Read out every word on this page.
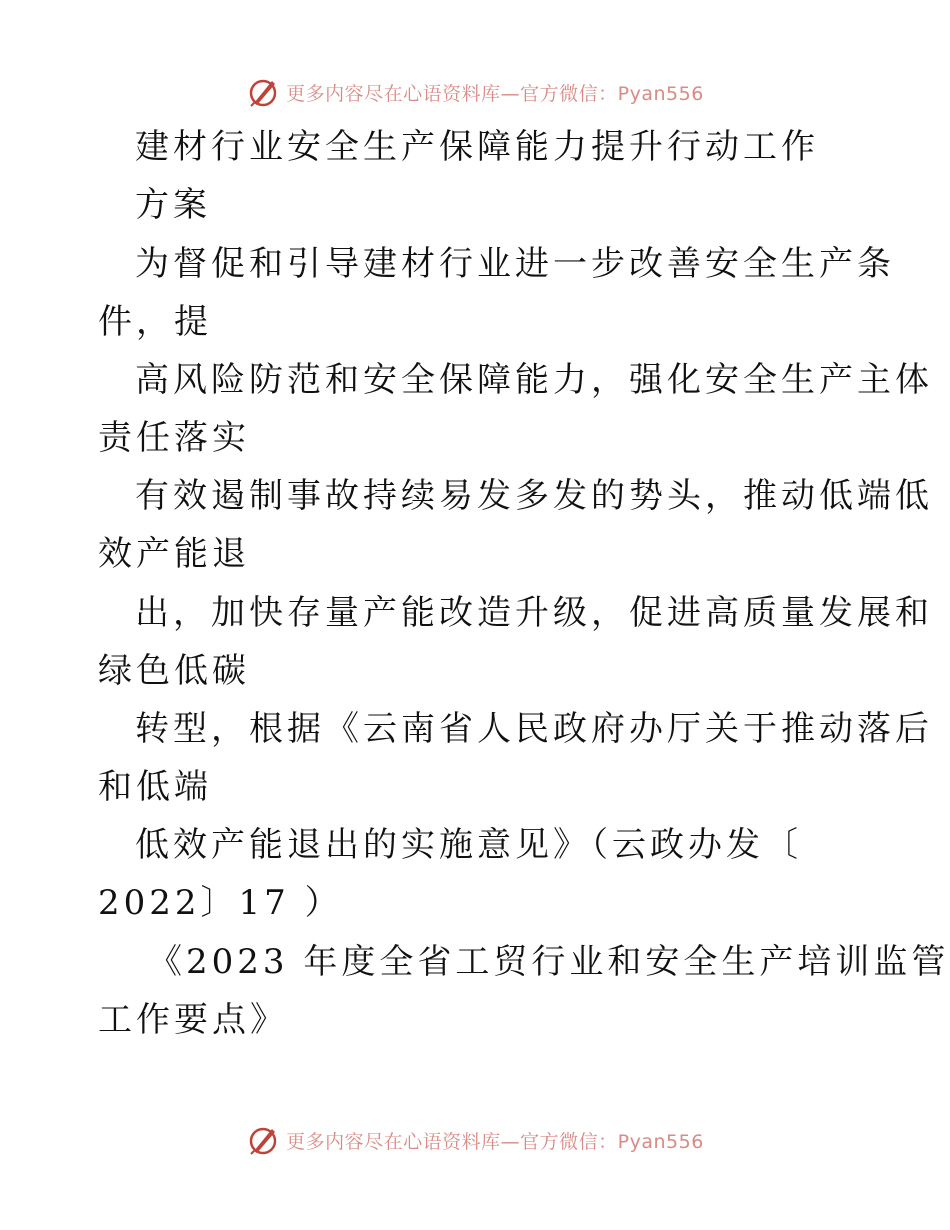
更多内容尽在心语资料库—官方微信：Pyan556
建材行业安全生产保障能力提升行动工作
方案
为督促和引导建材行业进一步改善安全生产条
件，提
高风险防范和安全保障能力，强化安全生产主体
责任落实
有效遏制事故持续易发多发的势头，推动低端低
效产能退
出，加快存量产能改造升级，促进高质量发展和
绿色低碳
转型，根据《云南省人民政府办厅关于推动落后
和低端
低效产能退出的实施意见》（云政办发〔
2022〕17 ）
《2023 年度全省工贸行业和安全生产培训监管
工作要点》
更多内容尽在心语资料库—官方微信：Pyan556
